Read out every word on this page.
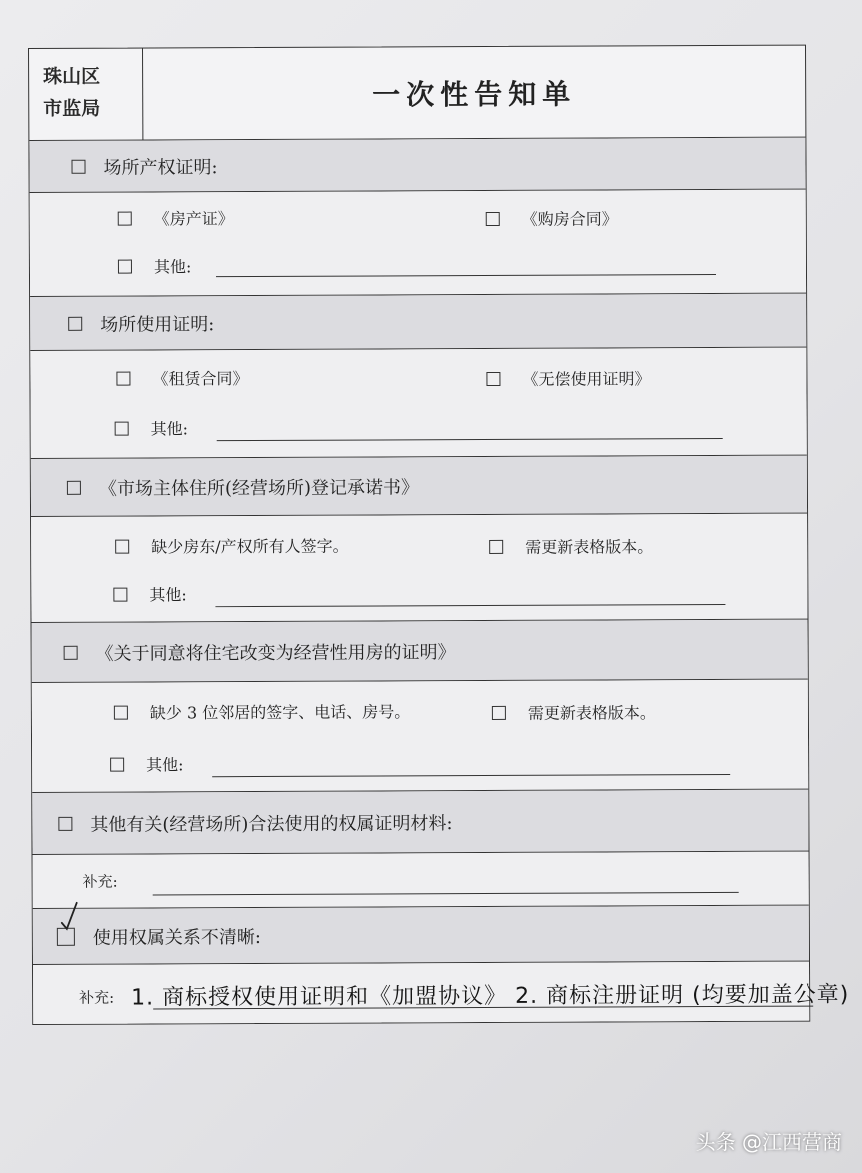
珠山区
市监局	一次性告知单
场所产权证明:
《房产证》	《购房合同》
其他:
场所使用证明:
《租赁合同》	《无偿使用证明》
其他:
《市场主体住所(经营场所)登记承诺书》
缺少房东/产权所有人签字。	需更新表格版本。
其他:
《关于同意将住宅改变为经营性用房的证明》
缺少 3 位邻居的签字、电话、房号。	需更新表格版本。
其他:
其他有关(经营场所)合法使用的权属证明材料:
补充:
使用权属关系不清晰:
补充: 1. 商标授权使用证明和《加盟协议》 2. 商标注册证明 (均要加盖公章)
头条 @江西营商
